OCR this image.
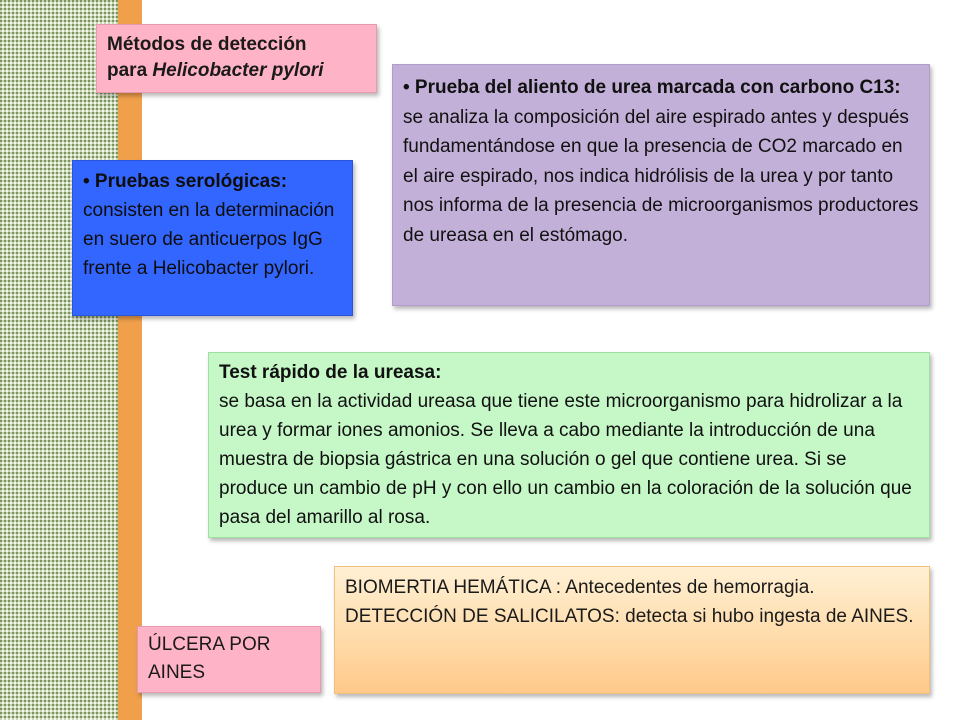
Métodos de detección
para Helicobacter pylori
• Pruebas serológicas:
consisten en la determinación en suero de anticuerpos IgG frente a Helicobacter pylori.
• Prueba del aliento de urea marcada con carbono C13:
se analiza la composición del aire espirado antes y después fundamentándose en que la presencia de CO2 marcado en el aire espirado, nos indica hidrólisis de la urea y por tanto nos informa de la presencia de microorganismos productores de ureasa en el estómago.
Test rápido de la ureasa:
se basa en la actividad ureasa que tiene este microorganismo para hidrolizar a la urea y formar iones amonios. Se lleva a cabo mediante la introducción de una muestra de biopsia gástrica en una solución o gel que contiene urea. Si se produce un cambio de pH y con ello un cambio en la coloración de la solución que pasa del amarillo al rosa.
BIOMERTIA HEMÁTICA : Antecedentes de hemorragia.
DETECCIÓN DE SALICILATOS: detecta si hubo ingesta de AINES.
ÚLCERA POR AINES
